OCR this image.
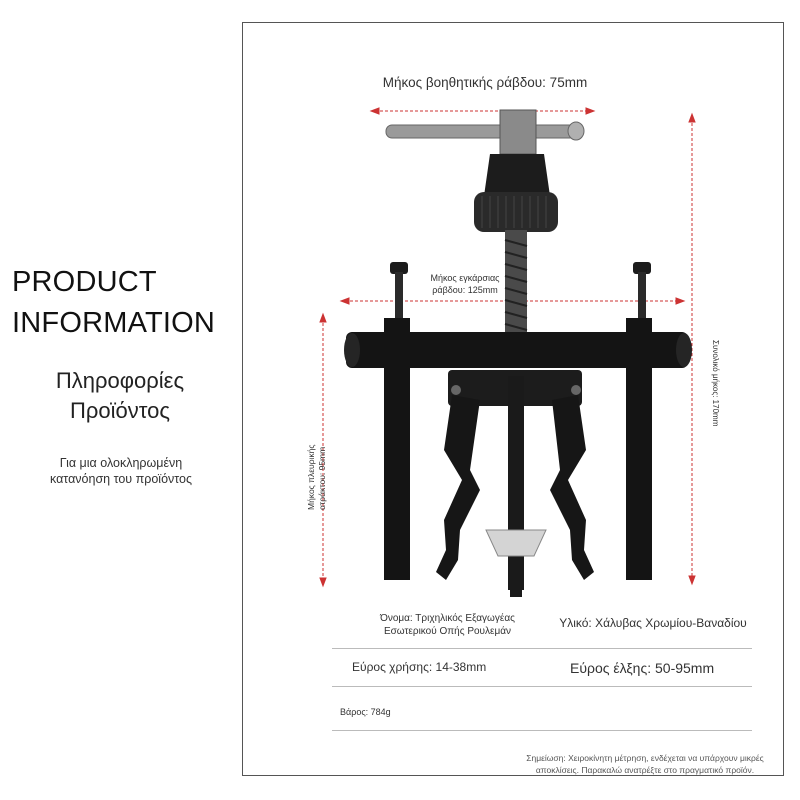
PRODUCT
INFORMATION
Πληροφορίες
Προϊόντος
Για μια ολοκληρωμένη
κατανόηση του προϊόντος
Μήκος βοηθητικής ράβδου: 75mm
Μήκος εγκάρσιας
ράβδου: 125mm
Συνολικό μήκος: 170mm
Μήκος πλευρικής ατράκτου: 95mm
Όνομα: Τριχηλικός Εξαγωγέας
Εσωτερικού Οπής Ρουλεμάν
Υλικό: Χάλυβας Χρωμίου-Βαναδίου
Εύρος χρήσης: 14-38mm	Εύρος έλξης: 50-95mm
Βάρος: 784g
Σημείωση: Χειροκίνητη μέτρηση, ενδέχεται να υπάρχουν μικρές
αποκλίσεις. Παρακαλώ ανατρέξτε στο πραγματικό προϊόν.
